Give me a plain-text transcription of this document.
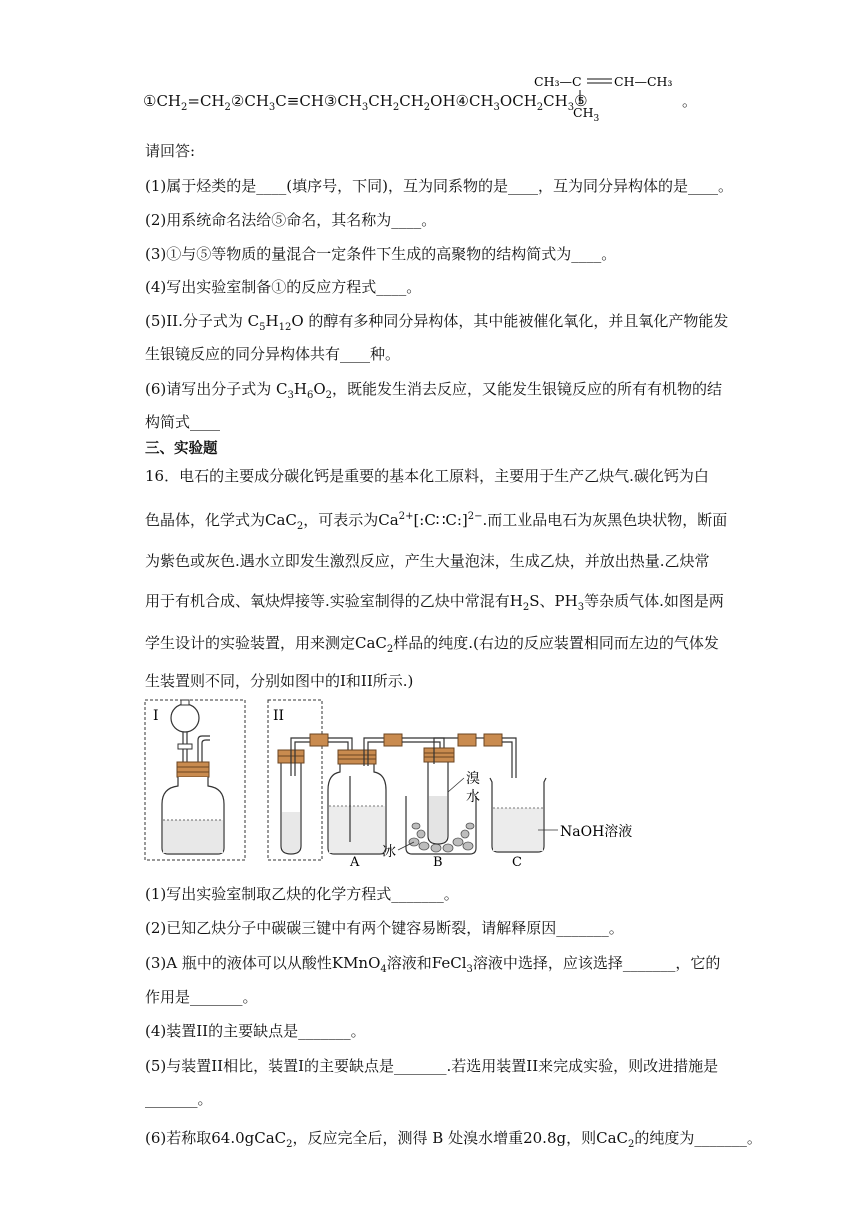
$①CH_2=CH_2②CH_3C\equiv CH③CH_3CH_2CH_2OH④CH_3OCH_2CH_3⑤$	。
CH₃—C	CH—CH₃
$CH_3$
请回答:
(1)属于烃类的是____(填序号，下同)，互为同系物的是____，互为同分异构体的是____。
(2)用系统命名法给⑤命名，其名称为____。
(3)①与⑤等物质的量混合一定条件下生成的高聚物的结构简式为____。
(4)写出实验室制备①的反应方程式____。
(5)II.分子式为 $C_5H_{12}O$ 的醇有多种同分异构体，其中能被催化氧化，并且氧化产物能发
生银镜反应的同分异构体共有____种。
(6)请写出分子式为 $C_3H_6O_2$，既能发生消去反应，又能发生银镜反应的所有有机物的结
构简式____
三、实验题
16．电石的主要成分碳化钙是重要的基本化工原料，主要用于生产乙炔气.碳化钙为白
色晶体，化学式为CaC$_2$，可表示为$Ca^{2+}[:C∷C:]^{2-}$.而工业品电石为灰黑色块状物，断面
为紫色或灰色.遇水立即发生激烈反应，产生大量泡沫，生成乙炔，并放出热量.乙炔常
用于有机合成、氧炔焊接等.实验室制得的乙炔中常混有$H_2S$、$PH_3$等杂质气体.如图是两
学生设计的实验装置，用来测定CaC$_2$样品的纯度.(右边的反应装置相同而左边的气体发
生装置则不同，分别如图中的I和II所示.)
I	II
A
溴
水
冰
B
NaOH溶液
C
(1)写出实验室制取乙炔的化学方程式_______。
(2)已知乙炔分子中碳碳三键中有两个键容易断裂，请解释原因_______。
(3)A 瓶中的液体可以从酸性KMnO$_4$溶液和FeCl$_3$溶液中选择，应该选择_______，它的
作用是_______。
(4)装置II的主要缺点是_______。
(5)与装置II相比，装置I的主要缺点是_______.若选用装置II来完成实验，则改进措施是
_______。
(6)若称取64.0gCaC$_2$，反应完全后，测得 B 处溴水增重20.8g，则CaC$_2$的纯度为_______。
